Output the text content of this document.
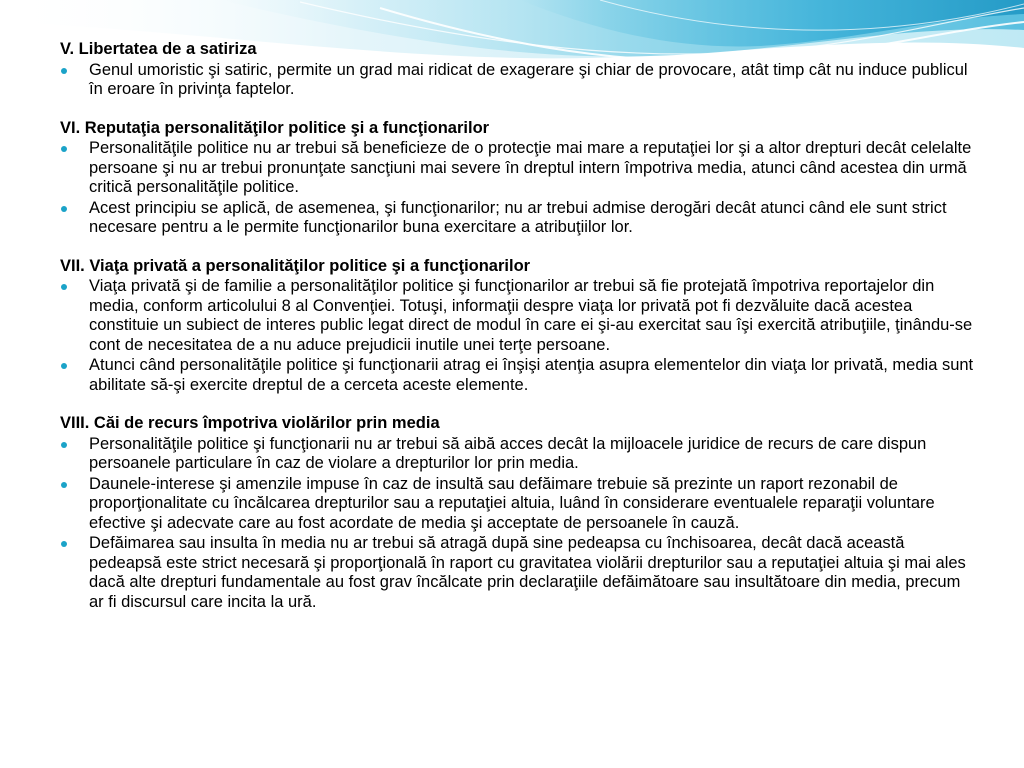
V. Libertatea de a satiriza
Genul umoristic şi satiric, permite un grad mai ridicat de exagerare şi chiar de provocare, atât timp cât nu induce publicul în eroare în privinţa faptelor.
VI. Reputaţia personalităţilor politice şi a funcţionarilor
Personalităţile politice nu ar trebui să beneficieze de o protecţie mai mare a reputaţiei lor şi a altor drepturi decât celelalte persoane şi nu ar trebui pronunţate sancţiuni mai severe în dreptul intern împotriva media, atunci când acestea din urmă critică personalităţile politice.
Acest principiu se aplică, de asemenea, şi funcţionarilor; nu ar trebui admise derogări decât atunci când ele sunt strict necesare pentru a le permite funcţionarilor buna exercitare a atribuţiilor lor.
VII. Viaţa privată a personalităţilor politice şi a funcţionarilor
Viaţa privată şi de familie a personalităţilor politice şi funcţionarilor ar trebui să fie protejată împotriva reportajelor din media, conform articolului 8 al Convenţiei. Totuşi, informaţii despre viaţa lor privată pot fi dezvăluite dacă acestea constituie un subiect de interes public legat direct de modul în care ei şi-au exercitat sau îşi exercită atribuţiile, ţinându-se cont de necesitatea de a nu aduce prejudicii inutile unei terţe persoane.
Atunci când personalităţile politice şi funcţionarii atrag ei înşişi atenţia asupra elementelor din viaţa lor privată, media sunt abilitate să-şi exercite dreptul de a cerceta aceste elemente.
VIII. Căi de recurs împotriva violărilor prin media
Personalităţile politice şi funcţionarii nu ar trebui să aibă acces decât la mijloacele juridice de recurs de care dispun persoanele particulare în caz de violare a drepturilor lor prin media.
Daunele-interese şi amenzile impuse în caz de insultă sau defăimare trebuie să prezinte un raport rezonabil de proporţionalitate cu încălcarea drepturilor sau a reputaţiei altuia, luând în considerare eventualele reparaţii voluntare efective şi adecvate care au fost acordate de media şi acceptate de persoanele în cauză.
Defăimarea sau insulta în media nu ar trebui să atragă după sine pedeapsa cu închisoarea, decât dacă această pedeapsă este strict necesară şi proporţională în raport cu gravitatea violării drepturilor sau a reputaţiei altuia şi mai ales dacă alte drepturi fundamentale au fost grav încălcate prin declaraţiile defăimătoare sau insultătoare din media, precum ar fi discursul care incita la ură.
